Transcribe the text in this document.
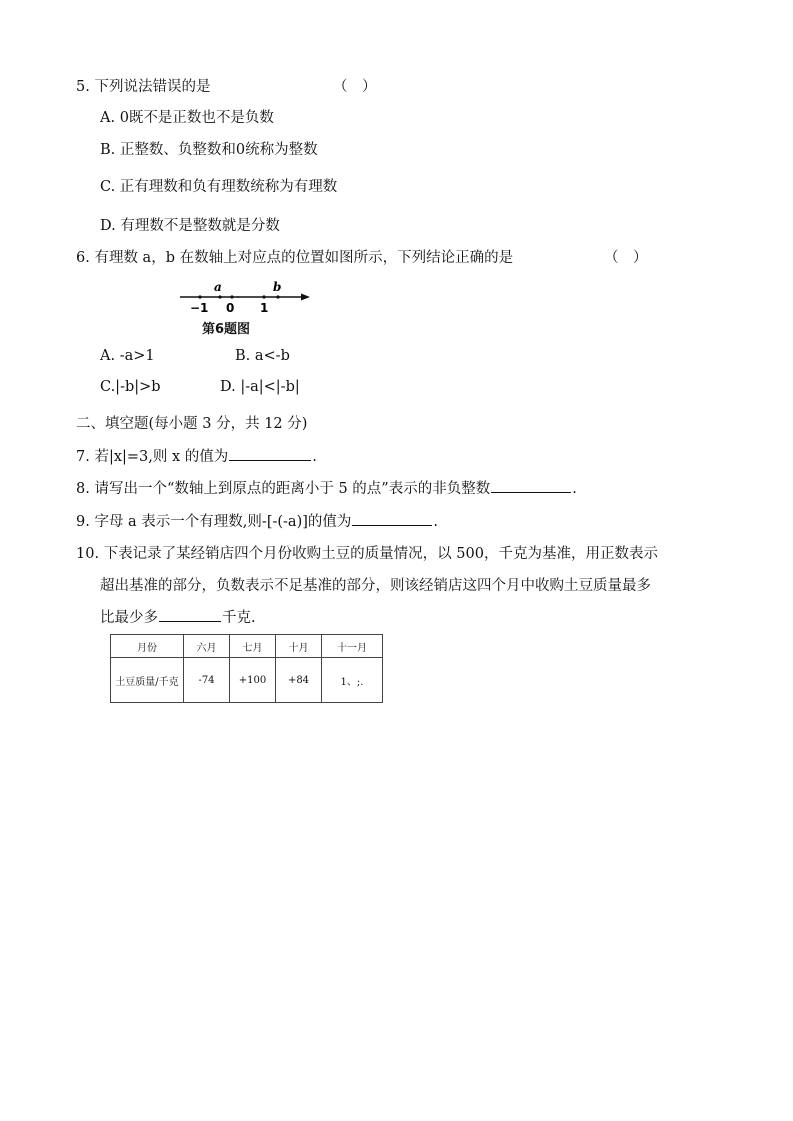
5. 下列说法错误的是	（　）
A. 0既不是正数也不是负数
B. 正整数、负整数和0统称为整数
C. 正有理数和负有理数统称为有理数
D. 有理数不是整数就是分数
6. 有理数 a，b 在数轴上对应点的位置如图所示，下列结论正确的是	（　）
a	b
−1 0 1
第6题图
A. -a>1	B. a<-b
C.|-b|>b	D. |-a|<|-b|
二、填空题(每小题 3 分，共 12 分)
7. 若|x|=3,则 x 的值为	.
8. 请写出一个“数轴上到原点的距离小于 5 的点”表示的非负整数	.
9. 字母 a 表示一个有理数,则-[-(-a)]的值为	.
10. 下表记录了某经销店四个月份收购土豆的质量情况，以 500，千克为基准，用正数表示
超出基准的部分，负数表示不足基准的部分，则该经销店这四个月中收购土豆质量最多
比最少多	千克.
月份	六月	七月	十月	十一月
土豆质量/千克	-74	+100	+84	1、;.
